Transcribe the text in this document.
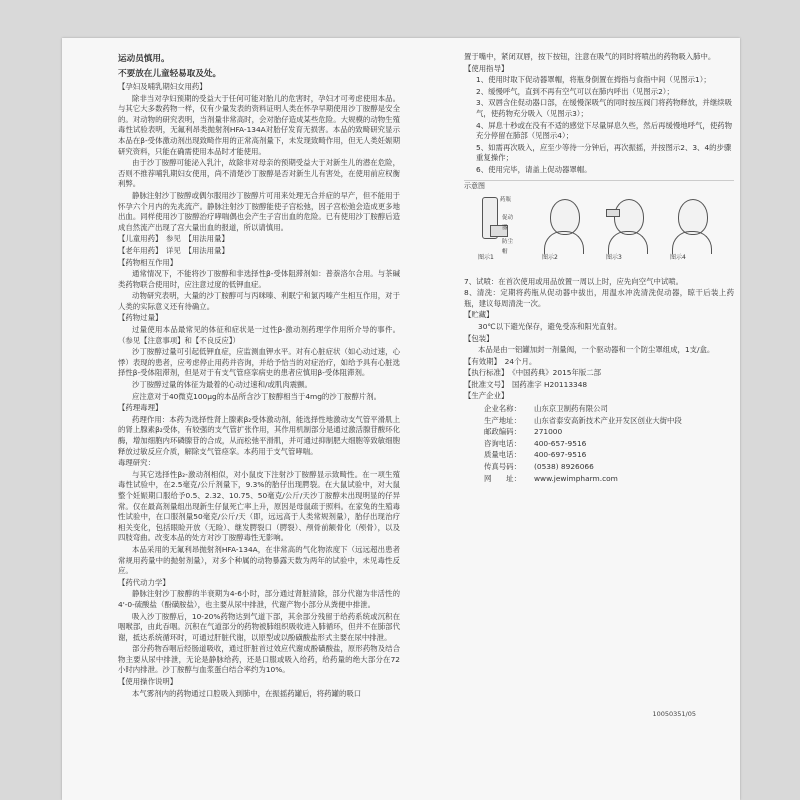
运动员慎用。

不要放在儿童轻易取及处。

【孕妇及哺乳期妇女用药】

除非当对孕妇预期的受益大于任何可能对胎儿的危害时，孕妇才可考虑使用本品。与其它大多数药物一样，仅有少量发表的资料证明人类在怀孕早期使用沙丁胺醇是安全的。对动物的研究表明，当剂量非常高时，会对胎仔造成某些危险。大规模的动物生殖毒性试验表明，无氟利昂类抛射剂HFA-134A对胎仔发育无损害。本品的致畸研究显示本品在β-受体激动剂出现致畸作用的正常高剂量下，未发现致畸作用，但无人类妊娠期研究资料，只能在确需使用本品时才能使用。

由于沙丁胺醇可能泌入乳汁，故除非对母亲的预期受益大于对新生儿的潜在危险，否则不推荐哺乳期妇女使用，尚不清楚沙丁胺醇是否对新生儿有害处，在使用前应权衡利弊。

静脉注射沙丁胺醇或偶尔服用沙丁胺醇片可用来处理无合并症的早产，但不能用于怀孕六个月内的先兆流产。静脉注射沙丁胺醇能使子宫松弛，因子宫松弛会造成更多地出血。同样使用沙丁胺醇治疗哮喘偶也会产生子宫出血的危险。已有使用沙丁胺醇后造成自然流产出现了宫大量出血的报道，所以请慎用。

【儿童用药】　参见　【用法用量】

【老年用药】　详见　【用法用量】

【药物相互作用】

通常情况下，不能将沙丁胺醇和非选择性β-受体阻滞剂如：普萘洛尔合用。与茶碱类药物联合使用时，应注意过度的低钾血症。

动物研究表明，大量的沙丁胺醇可与丙咪嗪、利眠宁和氯丙嗪产生相互作用，对于人类的实际意义还有待确立。

【药物过量】

过量使用本品最常见的体征和症状是一过性β-激动剂药理学作用所介导的事件。（参见【注意事项】和【不良反应】）

沙丁胺醇过量可引起低钾血症，应监测血钾水平。对有心脏症状（如心动过速，心悸）表现的患者，应考虑停止用药并咨询，并给予恰当的对症治疗，如给予具有心脏选择性β-受体阻滞剂，但是对于有支气管痉挛病史的患者应慎用β-受体阻滞剂。

沙丁胺醇过量的体征为最着的心动过速和/或肌肉震颤。

应注意对于40微克100μg的本品所含沙丁胺醇相当于4mg的沙丁胺醇片剂。

【药理毒理】

药理作用：本药为选择性肾上腺素β₂受体激动剂，能选择性地激动支气管平滑肌上的肾上腺素β₂受体，有较强的支气管扩张作用，其作用机制部分是通过激活腺苷酸环化酶，增加细胞内环磷腺苷的合成，从而松弛平滑肌，并可通过抑制肥大细胞等致敏细胞释放过敏反应介质，解除支气管痉挛。本药用于支气管哮喘。

毒理研究：

与其它选择性β₂-激动剂相似，对小鼠皮下注射沙丁胺醇显示致畸性。在一项生殖毒性试验中，在2.5毫克/公斤剂量下，9.3%的胎仔出现腭裂。在大鼠试验中，对大鼠整个妊娠期口服给予0.5、2.32、10.75、50毫克/公斤/天沙丁胺醇未出现明显的仔异常。仅在最高剂量组出现新生仔鼠死亡率上升，原因是母鼠疏于照料。在家兔的生殖毒性试验中，在口服剂量50毫克/公斤/天（即，远远高于人类常规剂量），胎仔出现治疗相关变化，包括眼睑开放（无睑）、继发腭裂口（腭裂）、颅骨前额骨化（颅骨），以及四肢弯曲。改变本品的处方对沙丁胺醇毒性无影响。

本品采用的无氟利昂抛射剂HFA-134A，在非常高的气化物浓度下（远远超出患者常规用药量中的抛射剂量），对多个种属的动物暴露天数为两年的试验中，未见毒性反应。

【药代动力学】

静脉注射沙丁胺醇的半衰期为4-6小时，部分通过肾脏清除，部分代谢为非活性的4'-0-硫酸盐（酚磺胺盐），也主要从尿中排泄，代谢产物小部分从粪便中排泄。

吸入沙丁胺醇后，10-20%药物达到气道下部，其余部分残留于给药系统或沉积在咽喉部，由此吞咽。沉积在气道部分的药物被肺组织吸收进入肺循环，但并不在肺部代谢，抵达系统循环时，可通过肝脏代谢，以原型或以酚磺酸盐形式主要在尿中排泄。

部分药物吞咽后经肠道吸收，通过肝脏首过效应代谢成酚磺酸盐，原形药物及结合物主要从尿中排泄，无论是静脉给药，还是口服或吸入给药，给药量的绝大部分在72小时内排泄。沙丁胺醇与血浆蛋白结合率约为10%。

【使用操作说明】

本气雾剂内的药物通过口腔吸入到肺中，在振摇药罐后，将药罐的吸口

置于嘴中，紧闭双唇，按下按钮，注意在吸气的同时将喷出的药物吸入肺中。

【使用指导】

1、使用时取下促动器罩帽，将瓶身倒置在拇指与食指中间（见图示1）；
2、缓慢呼气，直到不再有空气可以在肺内呼出（见图示2）；
3、双唇含住促动器口部，在缓慢深吸气的同时按压阀门将药物释放，并继续吸气，使药物充分吸入（见图示3）；
4、屏息十秒或在没有不适的感觉下尽量屏息久些，然后再缓慢地呼气，使药物充分停留在肺部（见图示4）；
5、如需再次吸入，应至少等待一分钟后，再次振摇，并按图示2、3、4的步骤重复操作；
6、使用完毕，请盖上促动器罩帽。
示意图
药瓶
促动器
防尘帽
图示1	图示2	图示3	图示4

7、试喷：在首次使用或用品放置一周以上时，应先向空气中试喷。

8、清洗：定期将药瓶从促动器中拔出，用温水冲洗清洗促动器，晾干后装上药瓶，建议每周清洗一次。

【贮藏】

30℃以下避光保存，避免受冻和阳光直射。

【包装】

本品是由一铝罐加封一剂量阀，一个驱动器和一个防尘罩组成，1支/盒。

【有效期】　24个月。

【执行标准】　《中国药典》2015年版二部

【批准文号】　国药准字 H20113348

【生产企业】

企业名称： 山东京卫制药有限公司
生产地址： 山东省泰安高新技术产业开发区创业大街中段
邮政编码： 271000
咨询电话： 400-657-9516
质量电话： 400-697-9516
传真号码： (0538) 8926066
网　　址： www.jewimpharm.com
10050351/05
